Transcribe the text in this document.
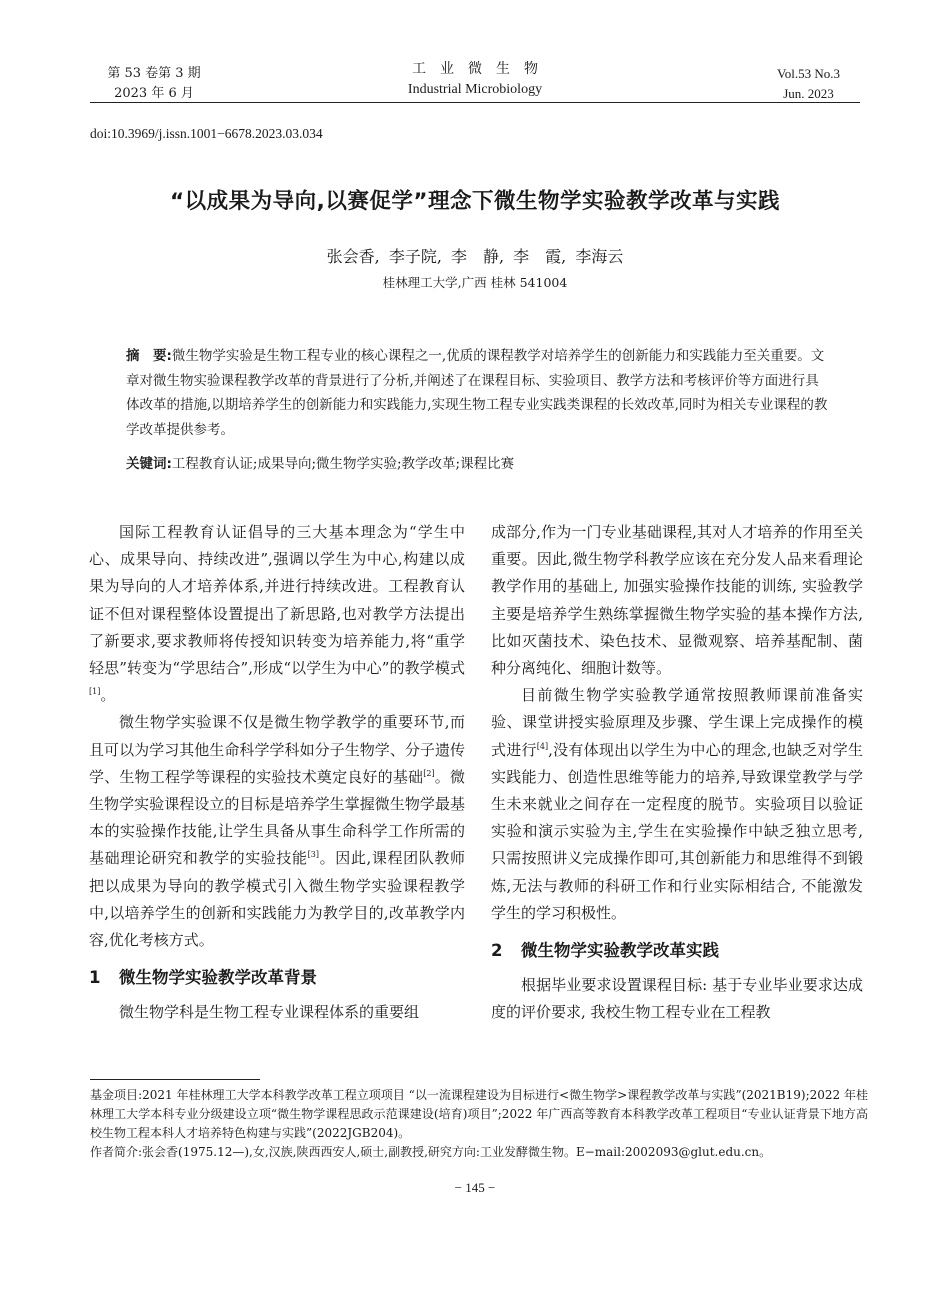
第 53 卷第 3 期
2023 年 6 月
工业微生物
Industrial Microbiology
Vol.53 No.3
Jun. 2023
doi:10.3969/j.issn.1001−6678.2023.03.034
“以成果为导向,以赛促学”理念下微生物学实验教学改革与实践
张会香, 李子院, 李　静, 李　霞, 李海云
桂林理工大学,广西 桂林 541004
摘　要:微生物学实验是生物工程专业的核心课程之一,优质的课程教学对培养学生的创新能力和实践能力至关重要。文章对微生物实验课程教学改革的背景进行了分析,并阐述了在课程目标、实验项目、教学方法和考核评价等方面进行具体改革的措施,以期培养学生的创新能力和实践能力,实现生物工程专业实践类课程的长效改革,同时为相关专业课程的教学改革提供参考。
关键词:工程教育认证;成果导向;微生物学实验;教学改革;课程比赛

国际工程教育认证倡导的三大基本理念为“学生中心、成果导向、持续改进”,强调以学生为中心,构建以成果为导向的人才培养体系,并进行持续改进。工程教育认证不但对课程整体设置提出了新思路,也对教学方法提出了新要求,要求教师将传授知识转变为培养能力,将“重学轻思”转变为“学思结合”,形成“以学生为中心”的教学模式[1]。

微生物学实验课不仅是微生物学教学的重要环节,而且可以为学习其他生命科学学科如分子生物学、分子遗传学、生物工程学等课程的实验技术奠定良好的基础[2]。微生物学实验课程设立的目标是培养学生掌握微生物学最基本的实验操作技能,让学生具备从事生命科学工作所需的基础理论研究和教学的实验技能[3]。因此,课程团队教师把以成果为导向的教学模式引入微生物学实验课程教学中,以培养学生的创新和实践能力为教学目的,改革教学内容,优化考核方式。

1 微生物学实验教学改革背景

微生物学科是生物工程专业课程体系的重要组

成部分,作为一门专业基础课程,其对人才培养的作用至关重要。因此,微生物学科教学应该在充分发人品来看理论教学作用的基础上, 加强实验操作技能的训练, 实验教学主要是培养学生熟练掌握微生物学实验的基本操作方法,比如灭菌技术、染色技术、显微观察、培养基配制、菌种分离纯化、细胞计数等。

目前微生物学实验教学通常按照教师课前准备实验、课堂讲授实验原理及步骤、学生课上完成操作的模式进行[4],没有体现出以学生为中心的理念,也缺乏对学生实践能力、创造性思维等能力的培养,导致课堂教学与学生未来就业之间存在一定程度的脱节。实验项目以验证实验和演示实验为主,学生在实验操作中缺乏独立思考, 只需按照讲义完成操作即可,其创新能力和思维得不到锻炼,无法与教师的科研工作和行业实际相结合, 不能激发学生的学习积极性。

2 微生物学实验教学改革实践

根据毕业要求设置课程目标: 基于专业毕业要求达成度的评价要求, 我校生物工程专业在工程教

基金项目:2021 年桂林理工大学本科教学改革工程立项项目 “以一流课程建设为目标进行<微生物学>课程教学改革与实践”(2021B19);2022 年桂林理工大学本科专业分级建设立项“微生物学课程思政示范课建设(培育)项目”;2022 年广西高等教育本科教学改革工程项目“专业认证背景下地方高校生物工程本科人才培养特色构建与实践”(2022JGB204)。
作者简介:张会香(1975.12—),女,汉族,陕西西安人,硕士,副教授,研究方向:工业发酵微生物。E−mail:2002093@glut.edu.cn。
− 145 −
